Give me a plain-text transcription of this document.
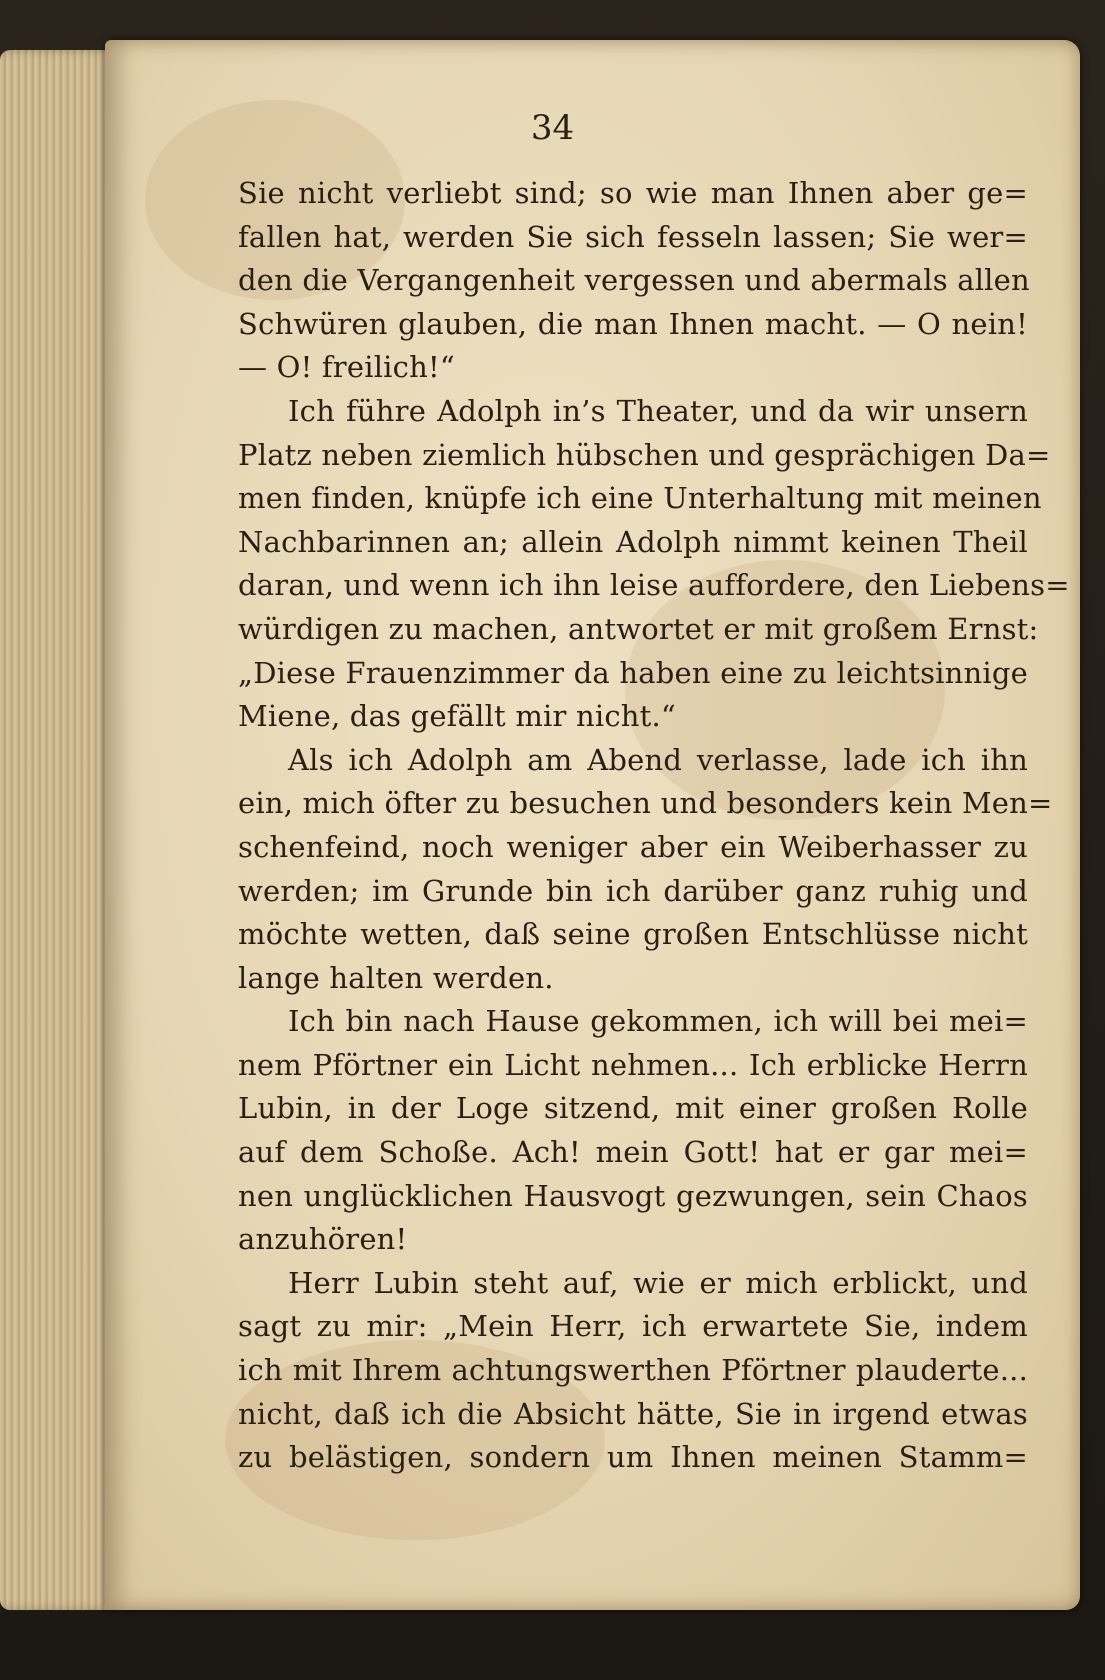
34
Sie nicht verliebt sind; so wie man Ihnen aber ge=
fallen hat, werden Sie sich fesseln lassen; Sie wer=
den die Vergangenheit vergessen und abermals allen
Schwüren glauben, die man Ihnen macht. — O nein!
— O! freilich!“
Ich führe Adolph in’s Theater, und da wir unsern
Platz neben ziemlich hübschen und gesprächigen Da=
men finden, knüpfe ich eine Unterhaltung mit meinen
Nachbarinnen an; allein Adolph nimmt keinen Theil
daran, und wenn ich ihn leise auffordere, den Liebens=
würdigen zu machen, antwortet er mit großem Ernst:
„Diese Frauenzimmer da haben eine zu leichtsinnige
Miene, das gefällt mir nicht.“
Als ich Adolph am Abend verlasse, lade ich ihn
ein, mich öfter zu besuchen und besonders kein Men=
schenfeind, noch weniger aber ein Weiberhasser zu
werden; im Grunde bin ich darüber ganz ruhig und
möchte wetten, daß seine großen Entschlüsse nicht
lange halten werden.
Ich bin nach Hause gekommen, ich will bei mei=
nem Pförtner ein Licht nehmen... Ich erblicke Herrn
Lubin, in der Loge sitzend, mit einer großen Rolle
auf dem Schoße. Ach! mein Gott! hat er gar mei=
nen unglücklichen Hausvogt gezwungen, sein Chaos
anzuhören!
Herr Lubin steht auf, wie er mich erblickt, und
sagt zu mir: „Mein Herr, ich erwartete Sie, indem
ich mit Ihrem achtungswerthen Pförtner plauderte...
nicht, daß ich die Absicht hätte, Sie in irgend etwas
zu belästigen, sondern um Ihnen meinen Stamm=
